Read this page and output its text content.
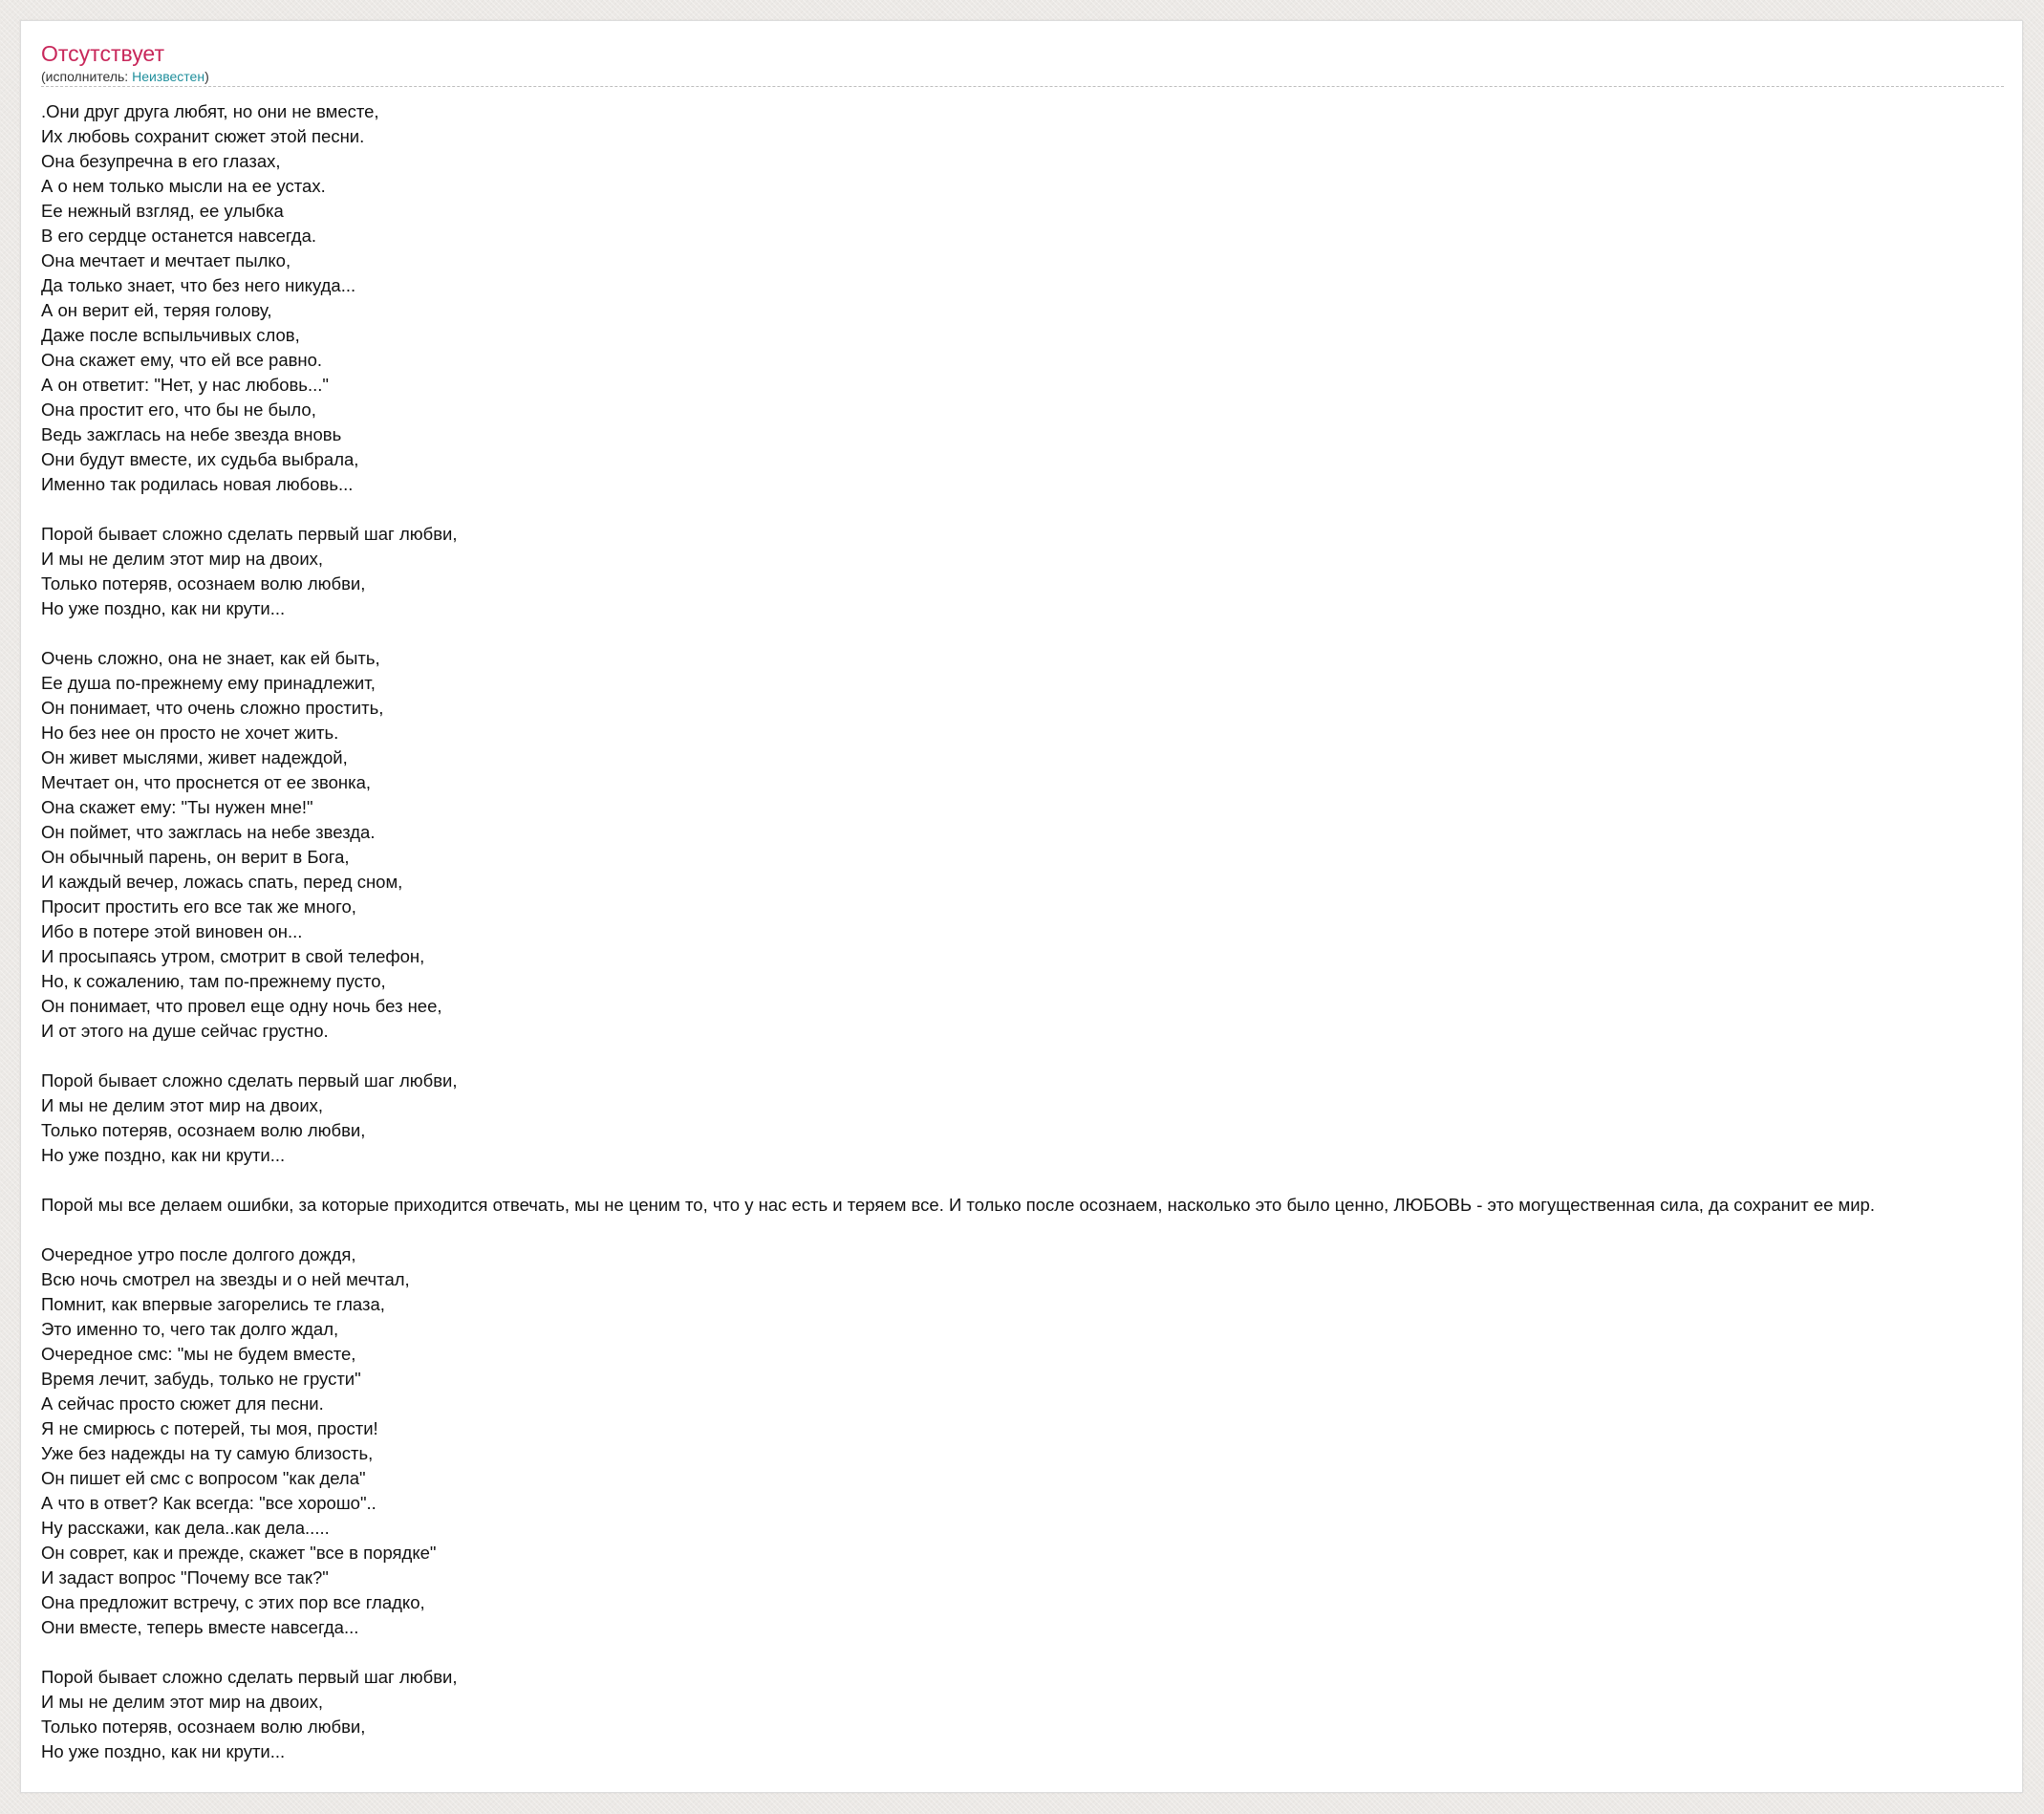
Отсутствует
(исполнитель: Неизвестен)
.Они друг друга любят, но они не вместе,
Их любовь сохранит сюжет этой песни.
Она безупречна в его глазах,
А о нем только мысли на ее устах.
Ее нежный взгляд, ее улыбка
В его сердце останется навсегда.
Она мечтает и мечтает пылко,
Да только знает, что без него никуда...
А он верит ей, теряя голову,
Даже после вспыльчивых слов,
Она скажет ему, что ей все равно.
А он ответит: "Нет, у нас любовь..."
Она простит его, что бы не было,
Ведь зажглась на небе звезда вновь
Они будут вместе, их судьба выбрала,
Именно так родилась новая любовь...
Порой бывает сложно сделать первый шаг любви,
И мы не делим этот мир на двоих,
Только потеряв, осознаем волю любви,
Но уже поздно, как ни крути...
Очень сложно, она не знает, как ей быть,
Ее душа по-прежнему ему принадлежит,
Он понимает, что очень сложно простить,
Но без нее он просто не хочет жить.
Он живет мыслями, живет надеждой,
Мечтает он, что проснется от ее звонка,
Она скажет ему: "Ты нужен мне!"
Он поймет, что зажглась на небе звезда.
Он обычный парень, он верит в Бога,
И каждый вечер, ложась спать, перед сном,
Просит простить его все так же много,
Ибо в потере этой виновен он...
И просыпаясь утром, смотрит в свой телефон,
Но, к сожалению, там по-прежнему пусто,
Он понимает, что провел еще одну ночь без нее,
И от этого на душе сейчас грустно.
Порой бывает сложно сделать первый шаг любви,
И мы не делим этот мир на двоих,
Только потеряв, осознаем волю любви,
Но уже поздно, как ни крути...
Порой мы все делаем ошибки, за которые приходится отвечать, мы не ценим то, что у нас есть и теряем все. И только после осознаем, насколько это было ценно, ЛЮБОВЬ - это могущественная сила, да сохранит ее мир.
Очередное утро после долгого дождя,
Всю ночь смотрел на звезды и о ней мечтал,
Помнит, как впервые загорелись те глаза,
Это именно то, чего так долго ждал,
Очередное смс: "мы не будем вместе,
Время лечит, забудь, только не грусти"
А сейчас просто сюжет для песни.
Я не смирюсь с потерей, ты моя, прости!
Уже без надежды на ту самую близость,
Он пишет ей смс с вопросом "как дела"
А что в ответ? Как всегда: "все хорошо"..
Ну расскажи, как дела..как дела.....
Он соврет, как и прежде, скажет "все в порядке"
И задаст вопрос "Почему все так?"
Она предложит встречу, с этих пор все гладко,
Они вместе, теперь вместе навсегда...
Порой бывает сложно сделать первый шаг любви,
И мы не делим этот мир на двоих,
Только потеряв, осознаем волю любви,
Но уже поздно, как ни крути...
